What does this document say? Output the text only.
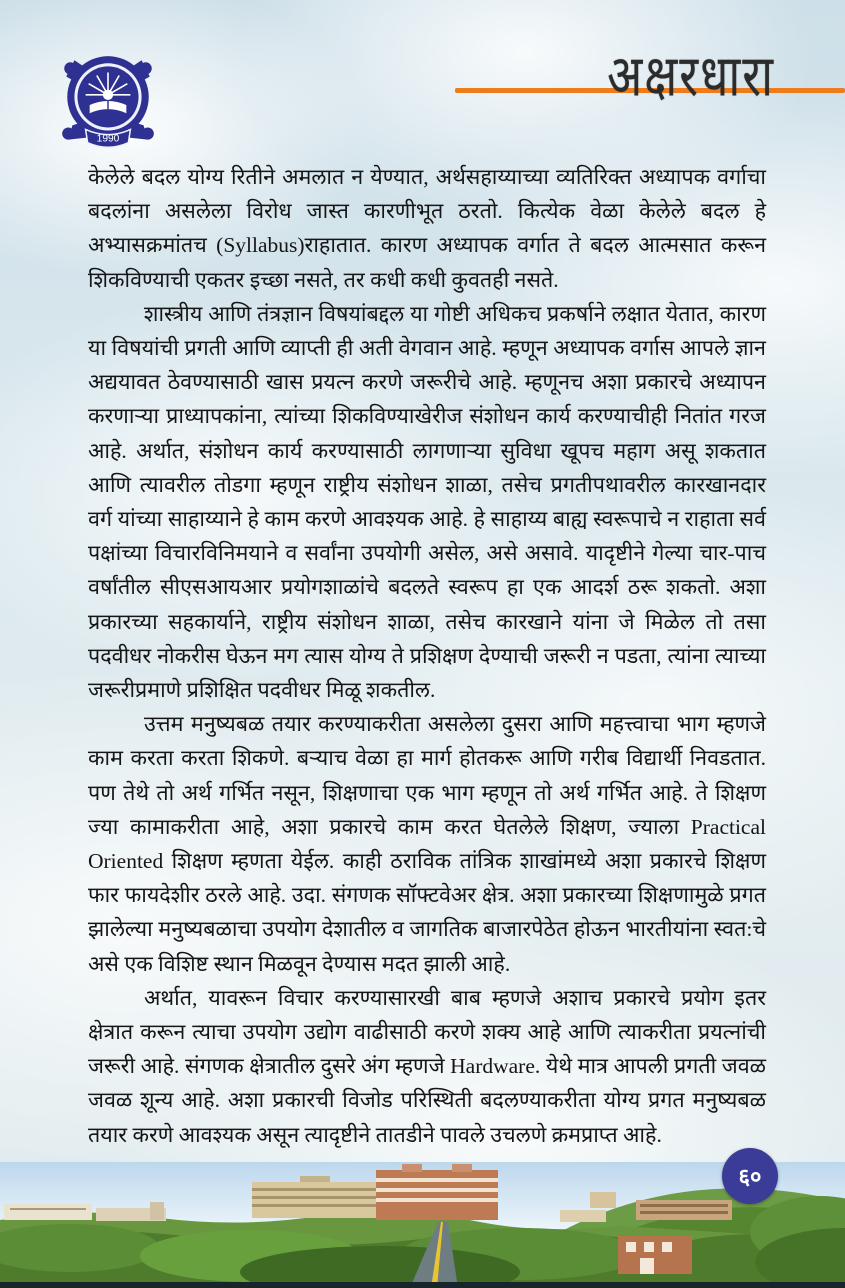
1990
अक्षरधारा

केलेले बदल योग्य रितीने अमलात न येण्यात, अर्थसहाय्याच्या व्यतिरिक्त अध्यापक वर्गाचा बदलांना असलेला विरोध जास्त कारणीभूत ठरतो. कित्येक वेळा केलेले बदल हे अभ्यासक्रमांतच (Syllabus)राहातात. कारण अध्यापक वर्गात ते बदल आत्मसात करून शिकविण्याची एकतर इच्छा नसते, तर कधी कधी कुवतही नसते.

शास्त्रीय आणि तंत्रज्ञान विषयांबद्दल या गोष्टी अधिकच प्रकर्षाने लक्षात येतात, कारण या विषयांची प्रगती आणि व्याप्ती ही अती वेगवान आहे. म्हणून अध्यापक वर्गास आपले ज्ञान अद्ययावत ठेवण्यासाठी खास प्रयत्न करणे जरूरीचे आहे. म्हणूनच अशा प्रकारचे अध्यापन करणाऱ्या प्राध्यापकांना, त्यांच्या शिकविण्याखेरीज संशोधन कार्य करण्याचीही नितांत गरज आहे. अर्थात, संशोधन कार्य करण्यासाठी लागणाऱ्या सुविधा खूपच महाग असू शकतात आणि त्यावरील तोडगा म्हणून राष्ट्रीय संशोधन शाळा, तसेच प्रगतीपथावरील कारखानदार वर्ग यांच्या साहाय्याने हे काम करणे आवश्यक आहे. हे साहाय्य बाह्य स्वरूपाचे न राहाता सर्व पक्षांच्या विचारविनिमयाने व सर्वांना उपयोगी असेल, असे असावे. यादृष्टीने गेल्या चार-पाच वर्षांतील सीएसआयआर प्रयोगशाळांचे बदलते स्वरूप हा एक आदर्श ठरू शकतो. अशा प्रकारच्या सहकार्याने, राष्ट्रीय संशोधन शाळा, तसेच कारखाने यांना जे मिळेल तो तसा पदवीधर नोकरीस घेऊन मग त्यास योग्य ते प्रशिक्षण देण्याची जरूरी न पडता, त्यांना त्याच्या जरूरीप्रमाणे प्रशिक्षित पदवीधर मिळू शकतील.

उत्तम मनुष्यबळ तयार करण्याकरीता असलेला दुसरा आणि महत्त्वाचा भाग म्हणजे काम करता करता शिकणे. बऱ्याच वेळा हा मार्ग होतकरू आणि गरीब विद्यार्थी निवडतात. पण तेथे तो अर्थ गर्भित नसून, शिक्षणाचा एक भाग म्हणून तो अर्थ गर्भित आहे. ते शिक्षण ज्या कामाकरीता आहे, अशा प्रकारचे काम करत घेतलेले शिक्षण, ज्याला Practical Oriented शिक्षण म्हणता येईल. काही ठराविक तांत्रिक शाखांमध्ये अशा प्रकारचे शिक्षण फार फायदेशीर ठरले आहे. उदा. संगणक सॉफ्टवेअर क्षेत्र. अशा प्रकारच्या शिक्षणामुळे प्रगत झालेल्या मनुष्यबळाचा उपयोग देशातील व जागतिक बाजारपेठेत होऊन भारतीयांना स्वत:चे असे एक विशिष्ट स्थान मिळवून देण्यास मदत झाली आहे.

अर्थात, यावरून विचार करण्यासारखी बाब म्हणजे अशाच प्रकारचे प्रयोग इतर क्षेत्रात करून त्याचा उपयोग उद्योग वाढीसाठी करणे शक्य आहे आणि त्याकरीता प्रयत्नांची जरूरी आहे. संगणक क्षेत्रातील दुसरे अंग म्हणजे Hardware. येथे मात्र आपली प्रगती जवळ जवळ शून्य आहे. अशा प्रकारची विजोड परिस्थिती बदलण्याकरीता योग्य प्रगत मनुष्यबळ तयार करणे आवश्यक असून त्यादृष्टीने तातडीने पावले उचलणे क्रमप्राप्त आहे.

६०
